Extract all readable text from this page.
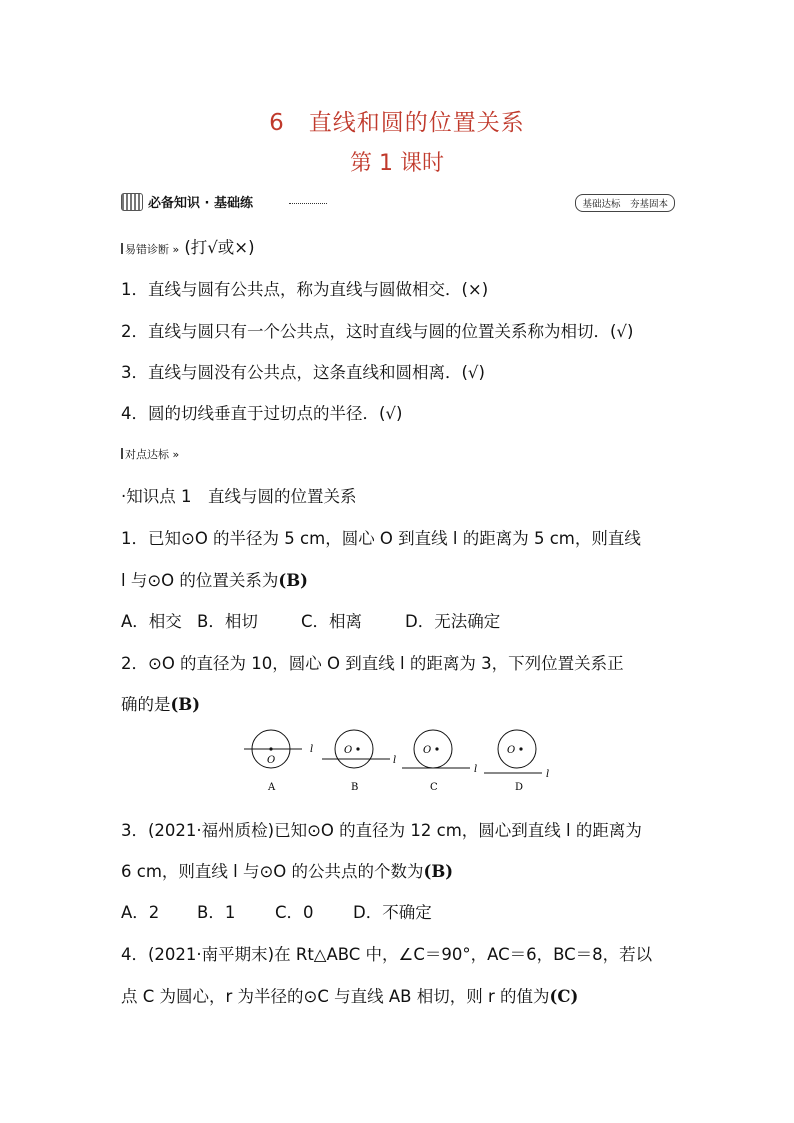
6　直线和圆的位置关系
第 1 课时
必备知识 · 基础练	基础达标　夯基固本
易错诊断 » (打√或×)
1．直线与圆有公共点，称为直线与圆做相交．(×)
2．直线与圆只有一个公共点，这时直线与圆的位置关系称为相切．(√)
3．直线与圆没有公共点，这条直线和圆相离．(√)
4．圆的切线垂直于过切点的半径．(√)
对点达标 »
·知识点 1　直线与圆的位置关系
1．已知⊙O 的半径为 5 cm，圆心 O 到直线 l 的距离为 5 cm，则直线
l 与⊙O 的位置关系为(B)
A．相交 B．相切	C．相离	D．无法确定
2．⊙O 的直径为 10，圆心 O 到直线 l 的距离为 3，下列位置关系正
确的是(B)
O
l
A
O
l
B
O
l
C
O
l
D
3．(2021·福州质检)已知⊙O 的直径为 12 cm，圆心到直线 l 的距离为
6 cm，则直线 l 与⊙O 的公共点的个数为(B)
A．2 B．1 C．0 D．不确定
4．(2021·南平期末)在 Rt△ABC 中，∠C＝90°，AC＝6，BC＝8，若以
点 C 为圆心，r 为半径的⊙C 与直线 AB 相切，则 r 的值为(C)
